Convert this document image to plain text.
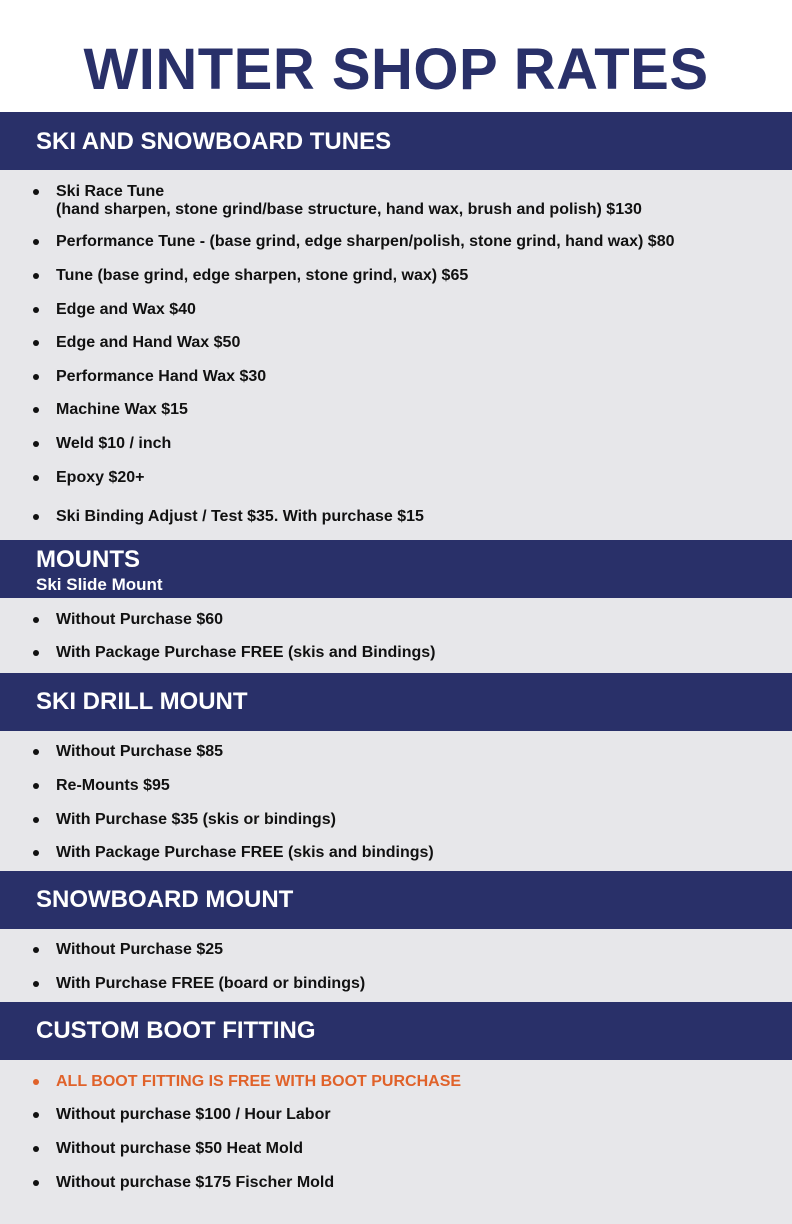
WINTER SHOP RATES
SKI AND SNOWBOARD TUNES
Ski Race Tune
(hand sharpen, stone grind/base structure, hand wax, brush and polish) $130
Performance Tune - (base grind, edge sharpen/polish, stone grind, hand wax) $80
Tune (base grind, edge sharpen, stone grind, wax) $65
Edge and Wax $40
Edge and Hand Wax $50
Performance Hand Wax $30
Machine Wax $15
Weld $10 / inch
Epoxy $20+
Ski Binding Adjust / Test $35. With purchase $15
MOUNTS
Ski Slide Mount
Without Purchase $60
With Package Purchase FREE (skis and Bindings)
SKI DRILL MOUNT
Without Purchase $85
Re-Mounts $95
With Purchase $35 (skis or bindings)
With Package Purchase FREE (skis and bindings)
SNOWBOARD MOUNT
Without Purchase $25
With Purchase FREE (board or bindings)
CUSTOM BOOT FITTING
ALL BOOT FITTING IS FREE WITH BOOT PURCHASE
Without purchase $100 / Hour Labor
Without purchase $50 Heat Mold
Without purchase $175 Fischer Mold
